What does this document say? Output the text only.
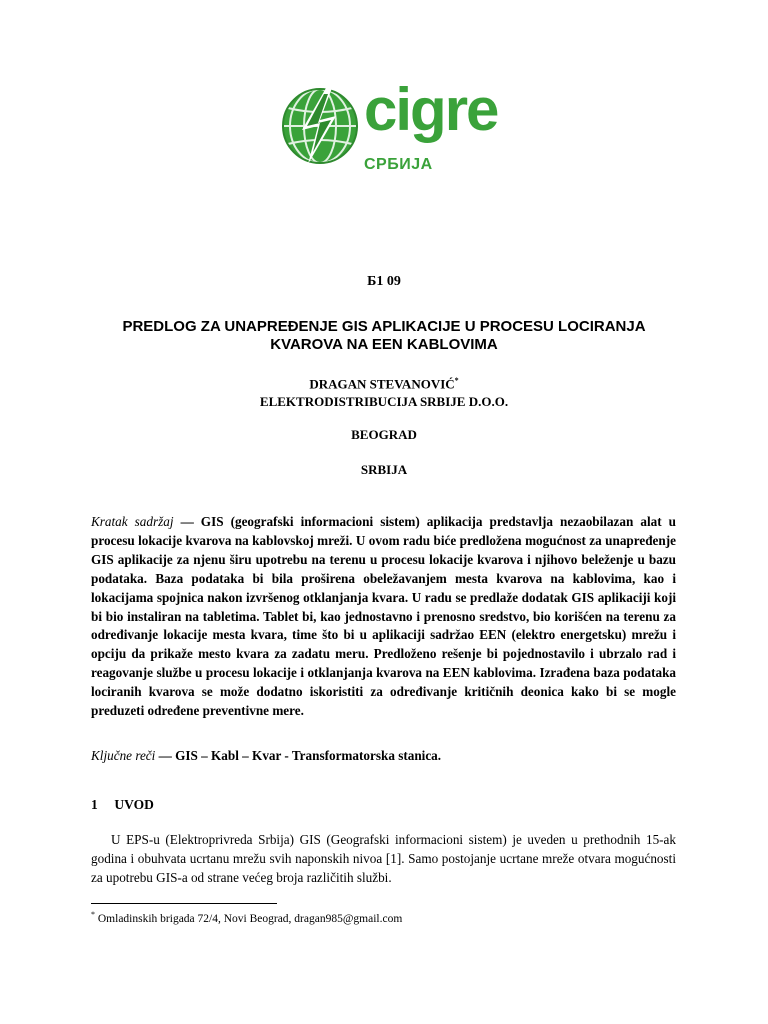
cigre
СРБИЈА
Б1 09
PREDLOG ZA UNAPREĐENJE GIS APLIKACIJE U PROCESU LOCIRANJA
KVAROVA NA EEN KABLOVIMA
DRAGAN STEVANOVIĆ*
ELEKTRODISTRIBUCIJA SRBIJE D.O.O.
BEOGRAD
SRBIJA
Kratak sadržaj — GIS (geografski informacioni sistem) aplikacija predstavlja nezaobilazan alat u procesu lokacije kvarova na kablovskoj mreži. U ovom radu biće predložena mogućnost za unapređenje GIS aplikacije za njenu širu upotrebu na terenu u procesu lokacije kvarova i njihovo beleženje u bazu podataka. Baza podataka bi bila proširena obeležavanjem mesta kvarova na kablovima, kao i lokacijama spojnica nakon izvršenog otklanjanja kvara. U radu se predlaže dodatak GIS aplikaciji koji bi bio instaliran na tabletima. Tablet bi, kao jednostavno i prenosno sredstvo, bio korišćen na terenu za određivanje lokacije mesta kvara, time što bi u aplikaciji sadržao EEN (elektro energetsku) mrežu i opciju da prikaže mesto kvara za zadatu meru. Predloženo rešenje bi pojednostavilo i ubrzalo rad i reagovanje službe u procesu lokacije i otklanjanja kvarova na EEN kablovima. Izrađena baza podataka lociranih kvarova se može dodatno iskoristiti za određivanje kritičnih deonica kako bi se mogle preduzeti određene preventivne mere.
Ključne reči — GIS – Kabl – Kvar - Transformatorska stanica.
1 UVOD
U EPS-u (Elektroprivreda Srbija) GIS (Geografski informacioni sistem) je uveden u prethodnih 15-ak godina i obuhvata ucrtanu mrežu svih naponskih nivoa [1]. Samo postojanje ucrtane mreže otvara mogućnosti za upotrebu GIS-a od strane većeg broja različitih službi.
* Omladinskih brigada 72/4, Novi Beograd, dragan985@gmail.com
